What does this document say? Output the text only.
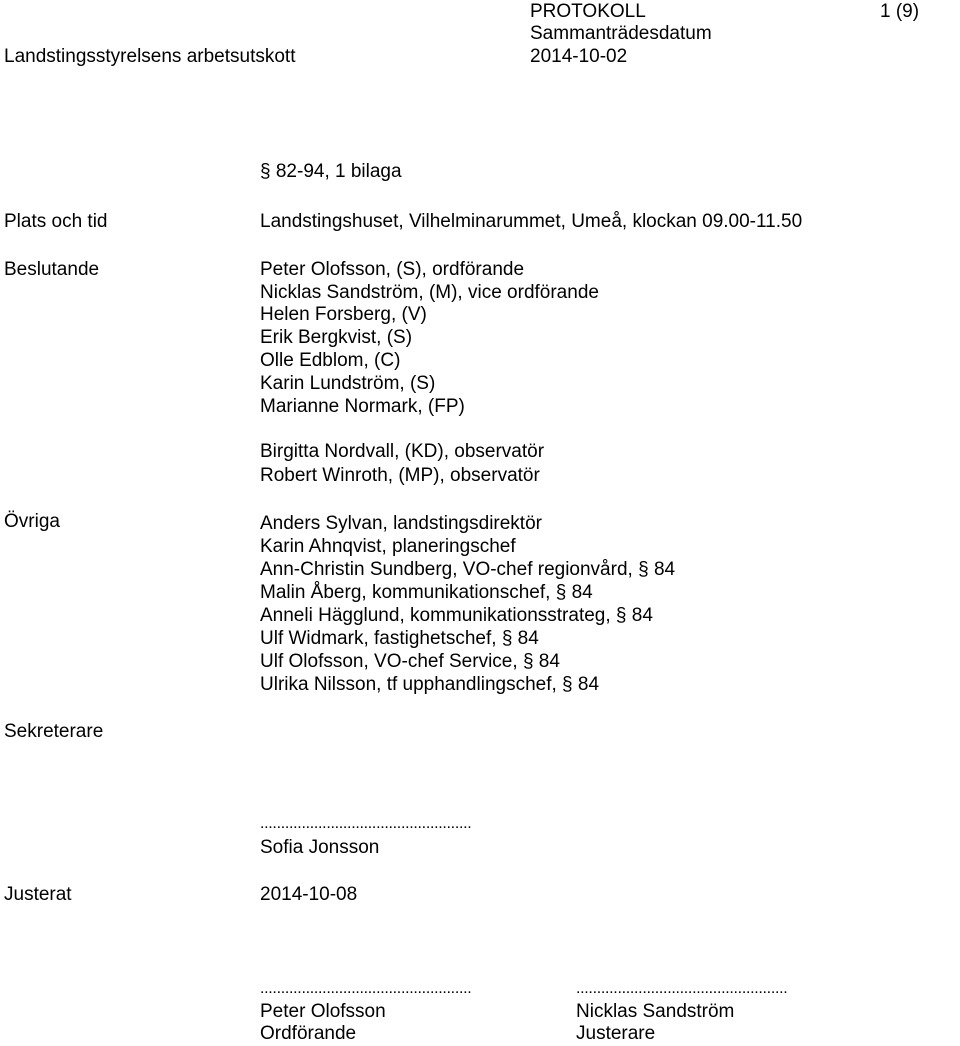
PROTOKOLL	1 (9)
Landstingsstyrelsens arbetsutskott
Sammanträdesdatum
2014-10-02
§ 82-94, 1 bilaga
Plats och tid	Landstingshuset, Vilhelminarummet, Umeå, klockan 09.00-11.50
Beslutande	Peter Olofsson, (S), ordförande
Nicklas Sandström, (M), vice ordförande
Helen Forsberg, (V)
Erik Bergkvist, (S)
Olle Edblom, (C)
Karin Lundström, (S)
Marianne Normark, (FP)
Birgitta Nordvall, (KD), observatör
Robert Winroth, (MP), observatör
Övriga	Anders Sylvan, landstingsdirektör
Karin Ahnqvist, planeringschef
Ann-Christin Sundberg, VO-chef regionvård, § 84
Malin Åberg, kommunikationschef, § 84
Anneli Hägglund, kommunikationsstrateg, § 84
Ulf Widmark, fastighetschef, § 84
Ulf Olofsson, VO-chef Service, § 84
Ulrika Nilsson, tf upphandlingschef, § 84
Sekreterare
...................................................
Sofia Jonsson
Justerat	2014-10-08
...................................................
Peter Olofsson
Ordförande
...................................................
Nicklas Sandström
Justerare
